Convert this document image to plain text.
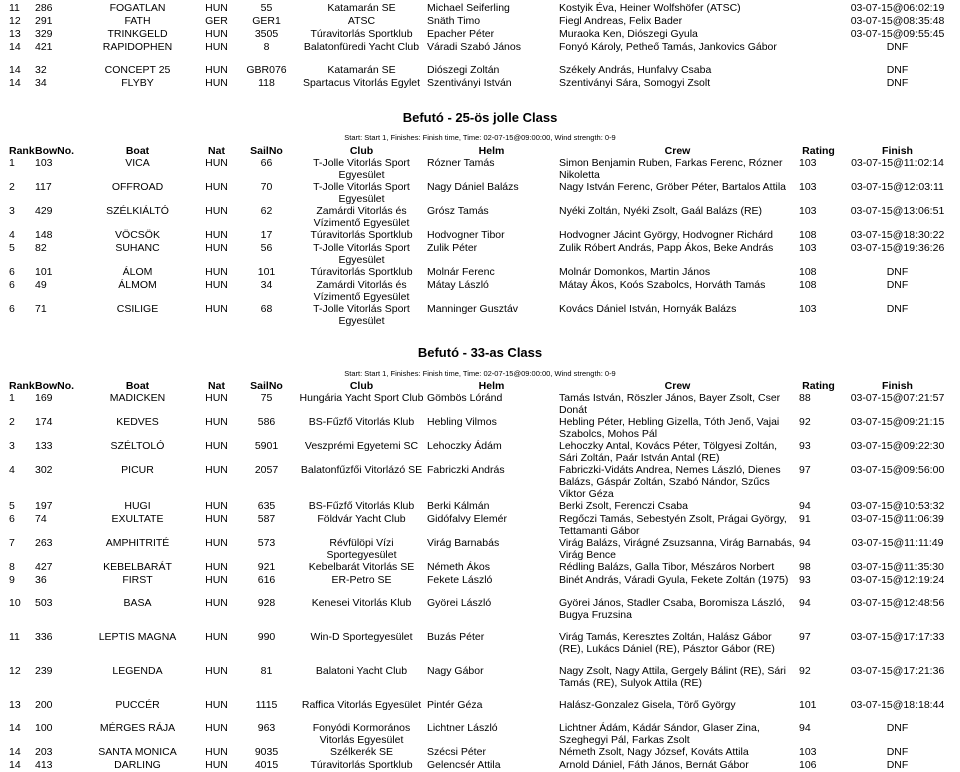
11	286	FOGATLAN	HUN	55	Katamarán SE	Michael Seiferling	Kostyik Éva, Heiner Wolfshöfer (ATSC)		03-07-15@06:02:19
12	291	FATH	GER	GER1	ATSC	Snäth Timo	Fiegl Andreas, Felix Bader		03-07-15@08:35:48
13	329	TRINKGELD	HUN	3505	Túravitorlás Sportklub	Epacher Péter	Muraoka Ken, Diószegi Gyula		03-07-15@09:55:45
14	421	RAPIDOPHEN	HUN	8	Balatonfüredi Yacht Club	Váradi Szabó János	Fonyó Károly, Petheő Tamás, Jankovics Gábor		DNF
14	32	CONCEPT 25	HUN	GBR076	Katamarán SE	Diószegi Zoltán	Székely András, Hunfalvy Csaba		DNF
14	34	FLYBY	HUN	118	Spartacus Vitorlás Egylet	Szentiványi István	Szentiványi Sára, Somogyi Zsolt		DNF
Befutó - 25-ös jolle Class
Start: Start 1, Finishes: Finish time, Time: 02-07-15@09:00:00, Wind strength: 0-9
Rank	BowNo.	Boat	Nat	SailNo	Club	Helm	Crew	Rating	Finish
1	103	VICA	HUN	66	T-Jolle Vitorlás Sport Egyesület	Rózner Tamás	Simon Benjamin Ruben, Farkas Ferenc, Rózner Nikoletta	103	03-07-15@11:02:14
2	117	OFFROAD	HUN	70	T-Jolle Vitorlás Sport Egyesület	Nagy Dániel Balázs	Nagy István Ferenc, Gröber Péter, Bartalos Attila	103	03-07-15@12:03:11
3	429	SZÉLKIÁLTÓ	HUN	62	Zamárdi Vitorlás és Vízimentő Egyesület	Grósz Tamás	Nyéki Zoltán, Nyéki Zsolt, Gaál Balázs (RE)	103	03-07-15@13:06:51
4	148	VÖCSÖK	HUN	17	Túravitorlás Sportklub	Hodvogner Tibor	Hodvogner Jácint György, Hodvogner Richárd	108	03-07-15@18:30:22
5	82	SUHANC	HUN	56	T-Jolle Vitorlás Sport Egyesület	Zulik Péter	Zulik Róbert András, Papp Ákos, Beke András	103	03-07-15@19:36:26
6	101	ÁLOM	HUN	101	Túravitorlás Sportklub	Molnár Ferenc	Molnár Domonkos, Martin János	108	DNF
6	49	ÁLMOM	HUN	34	Zamárdi Vitorlás és Vízimentő Egyesület	Mátay László	Mátay Ákos, Koós Szabolcs, Horváth Tamás	108	DNF
6	71	CSILIGE	HUN	68	T-Jolle Vitorlás Sport Egyesület	Manninger Gusztáv	Kovács Dániel István, Hornyák Balázs	103	DNF
Befutó - 33-as Class
Start: Start 1, Finishes: Finish time, Time: 02-07-15@09:00:00, Wind strength: 0-9
Rank	BowNo.	Boat	Nat	SailNo	Club	Helm	Crew	Rating	Finish
1	169	MADICKEN	HUN	75	Hungária Yacht Sport Club	Gömbös Lóránd	Tamás István, Röszler János, Bayer Zsolt, Cser Donát	88	03-07-15@07:21:57
2	174	KEDVES	HUN	586	BS-Fűzfő Vitorlás Klub	Hebling Vilmos	Hebling Péter, Hebling Gizella, Tóth Jenő, Vajai Szabolcs, Mohos Pál	92	03-07-15@09:21:15
3	133	SZÉLTOLÓ	HUN	5901	Veszprémi Egyetemi SC	Lehoczky Ádám	Lehoczky Antal, Kovács Péter, Tölgyesi Zoltán, Sári Zoltán, Paár István Antal (RE)	93	03-07-15@09:22:30
4	302	PICUR	HUN	2057	Balatonfűzfői Vitorlázó SE	Fabriczki András	Fabriczki-Vidáts Andrea, Nemes László, Dienes Balázs, Gáspár Zoltán, Szabó Nándor, Szűcs Viktor Géza	97	03-07-15@09:56:00
5	197	HUGI	HUN	635	BS-Fűzfő Vitorlás Klub	Berki Kálmán	Berki Zsolt, Ferenczi Csaba	94	03-07-15@10:53:32
6	74	EXULTATE	HUN	587	Földvár Yacht Club	Gidófalvy Elemér	Regőczi Tamás, Sebestyén Zsolt, Prágai György, Tettamanti Gábor	91	03-07-15@11:06:39
7	263	AMPHITRITÉ	HUN	573	Révfülöpi Vízi Sportegyesület	Virág Barnabás	Virág Balázs, Virágné Zsuzsanna, Virág Barnabás, Virág Bence	94	03-07-15@11:11:49
8	427	KEBELBARÁT	HUN	921	Kebelbarát Vitorlás SE	Németh Ákos	Rédling Balázs, Galla Tibor, Mészáros Norbert	98	03-07-15@11:35:30
9	36	FIRST	HUN	616	ER-Petro SE	Fekete László	Binét András, Váradi Gyula, Fekete Zoltán (1975)	93	03-07-15@12:19:24
10	503	BASA	HUN	928	Kenesei Vitorlás Klub	Györei László	Györei János, Stadler Csaba, Boromisza László, Bugya Fruzsina	94	03-07-15@12:48:56
11	336	LEPTIS MAGNA	HUN	990	Win-D Sportegyesület	Buzás Péter	Virág Tamás, Keresztes Zoltán, Halász Gábor (RE), Lukács Dániel (RE), Pásztor Gábor (RE)	97	03-07-15@17:17:33
12	239	LEGENDA	HUN	81	Balatoni Yacht Club	Nagy Gábor	Nagy Zsolt, Nagy Attila, Gergely Bálint (RE), Sári Tamás (RE), Sulyok Attila (RE)	92	03-07-15@17:21:36
13	200	PUCCÉR	HUN	1115	Raffica Vitorlás Egyesület	Pintér Géza	Halász-Gonzalez Gisela, Törő György	101	03-07-15@18:18:44
14	100	MÉRGES RÁJA	HUN	963	Fonyódi Kormorános Vitorlás Egyesület	Lichtner László	Lichtner Ádám, Kádár Sándor, Glaser Zina, Szeghegyi Pál, Farkas Zsolt	94	DNF
14	203	SANTA MONICA	HUN	9035	Szélkerék SE	Szécsi Péter	Németh Zsolt, Nagy József, Kováts Attila	103	DNF
14	413	DARLING	HUN	4015	Túravitorlás Sportklub	Gelencsér Attila	Arnold Dániel, Fáth János, Bernát Gábor	106	DNF
